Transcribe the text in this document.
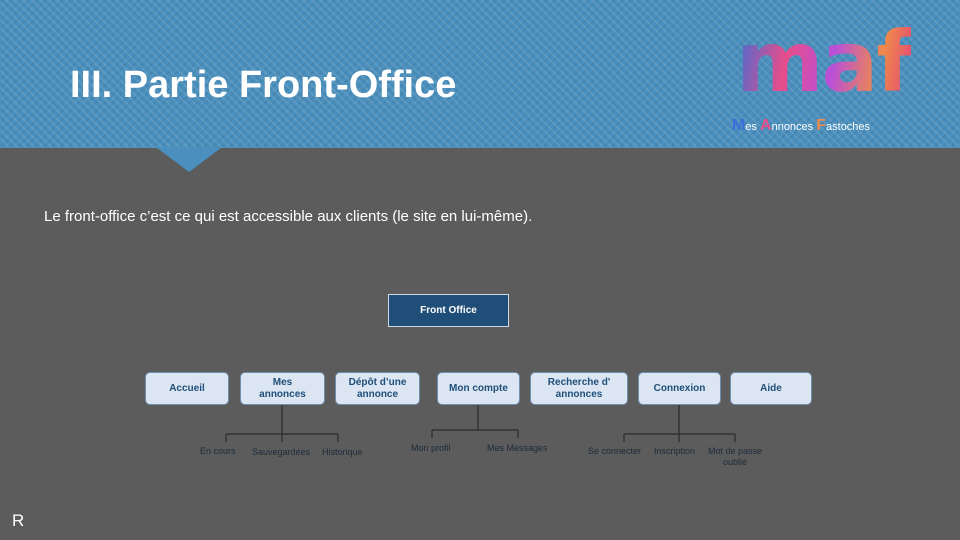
III. Partie Front-Office	maf
Mes Annonces Fastoches

Le front-office c’est ce qui est accessible aux clients (le site en lui-même).

Front Office
Accueil
Mes
annonces
Dépôt d’une
annonce
Mon compte
Recherche d'
annonces
Connexion	Aide
En cours Sauvegardées Historique	Mon profil	Mes Messages	Se connecter Inscription Mot de passe
oublié

R
